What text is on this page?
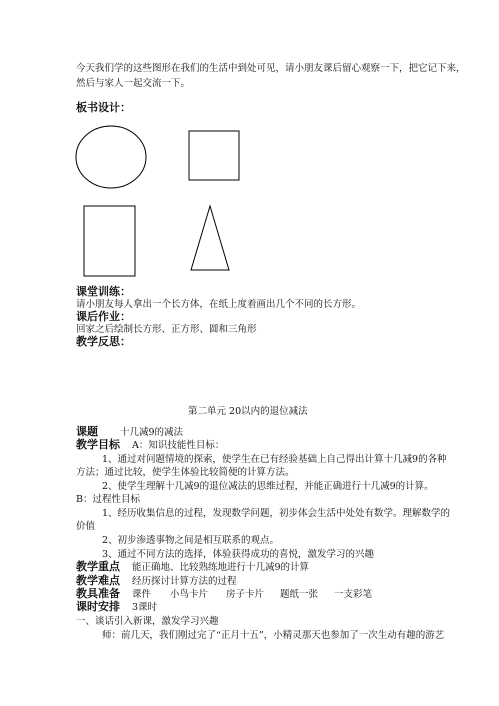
今天我们学的这些图形在我们的生活中到处可见，请小朋友课后留心观察一下，把它记下来，
然后与家人一起交流一下。
板书设计：
课堂训练：
请小朋友每人拿出一个长方体，在纸上度着画出几个不同的长方形。
课后作业：
回家之后绘制长方形、正方形、圆和三角形
教学反思：
第二单元 20以内的退位减法
课题 十几减9的减法
教学目标 A：知识技能性目标：
1、通过对问题情境的探索，使学生在已有经验基础上自己得出计算十几减9的各种
方法；通过比较，使学生体验比较简便的计算方法。
2、使学生理解十几减9的退位减法的思维过程，并能正确进行十几减9的计算。
B：过程性目标
1、经历收集信息的过程，发现数学问题，初步体会生活中处处有数学。理解数学的
价值
2、初步渗透事物之间是相互联系的观点。
3、通过不同方法的选择，体验获得成功的喜悦，激发学习的兴趣
教学重点 能正确地、比较熟练地进行十几减9的计算
教学难点 经历探讨计算方法的过程
教具准备 课件 小鸟卡片 房子卡片 题纸一张 一支彩笔
课时安排 3课时
一、谈话引入新课，激发学习兴趣
师：前几天，我们刚过完了“正月十五”，小精灵那天也参加了一次生动有趣的游艺
